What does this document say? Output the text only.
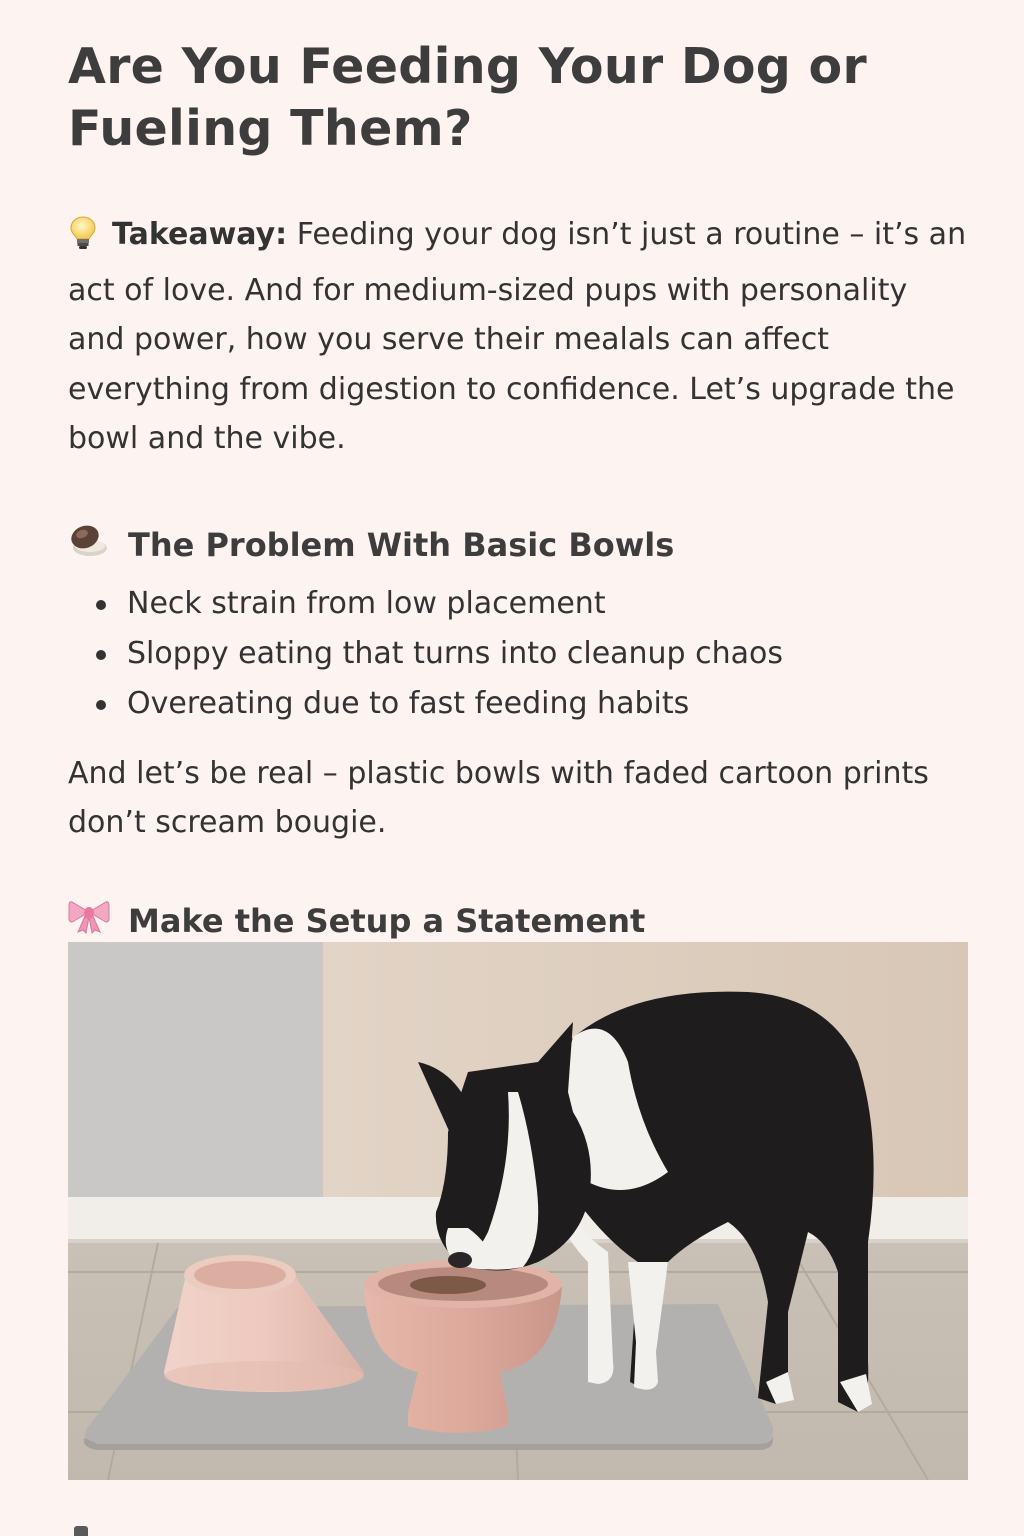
Are You Feeding Your Dog or Fueling Them?

Takeaway: Feeding your dog isn’t just a routine – it’s an act of love. And for medium-sized pups with personality and power, how you serve their mealals can affect everything from digestion to confidence. Let’s upgrade the bowl and the vibe.

The Problem With Basic Bowls
Neck strain from low placement
Sloppy eating that turns into cleanup chaos
Overeating due to fast feeding habits

And let’s be real – plastic bowls with faded cartoon prints don’t scream bougie.

Make the Setup a Statement
